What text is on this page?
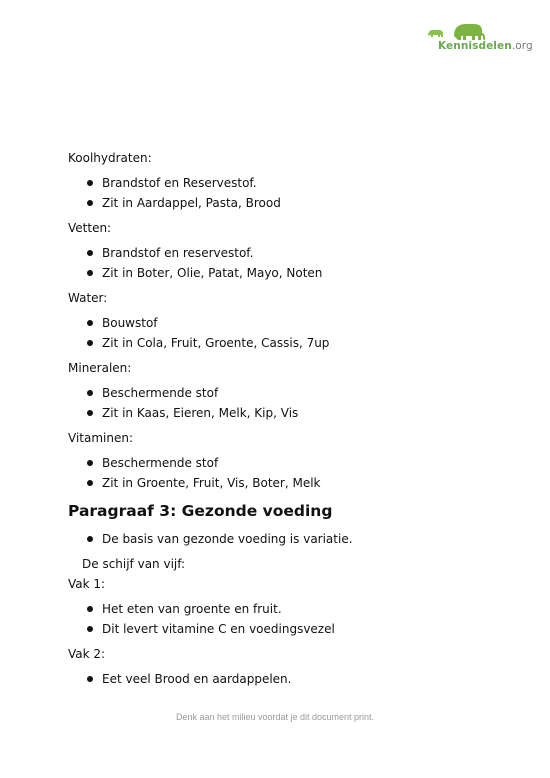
Kennisdelen.org

Koolhydraten:

Brandstof en Reservestof.
Zit in Aardappel, Pasta, Brood

Vetten:

Brandstof en reservestof.
Zit in Boter, Olie, Patat, Mayo, Noten

Water:

Bouwstof
Zit in Cola, Fruit, Groente, Cassis, 7up

Mineralen:

Beschermende stof
Zit in Kaas, Eieren, Melk, Kip, Vis

Vitaminen:

Beschermende stof
Zit in Groente, Fruit, Vis, Boter, Melk
Paragraaf 3: Gezonde voeding
De basis van gezonde voeding is variatie.

De schijf van vijf:

Vak 1:

Het eten van groente en fruit.
Dit levert vitamine C en voedingsvezel

Vak 2:

Eet veel Brood en aardappelen.
Denk aan het milieu voordat je dit document print.
